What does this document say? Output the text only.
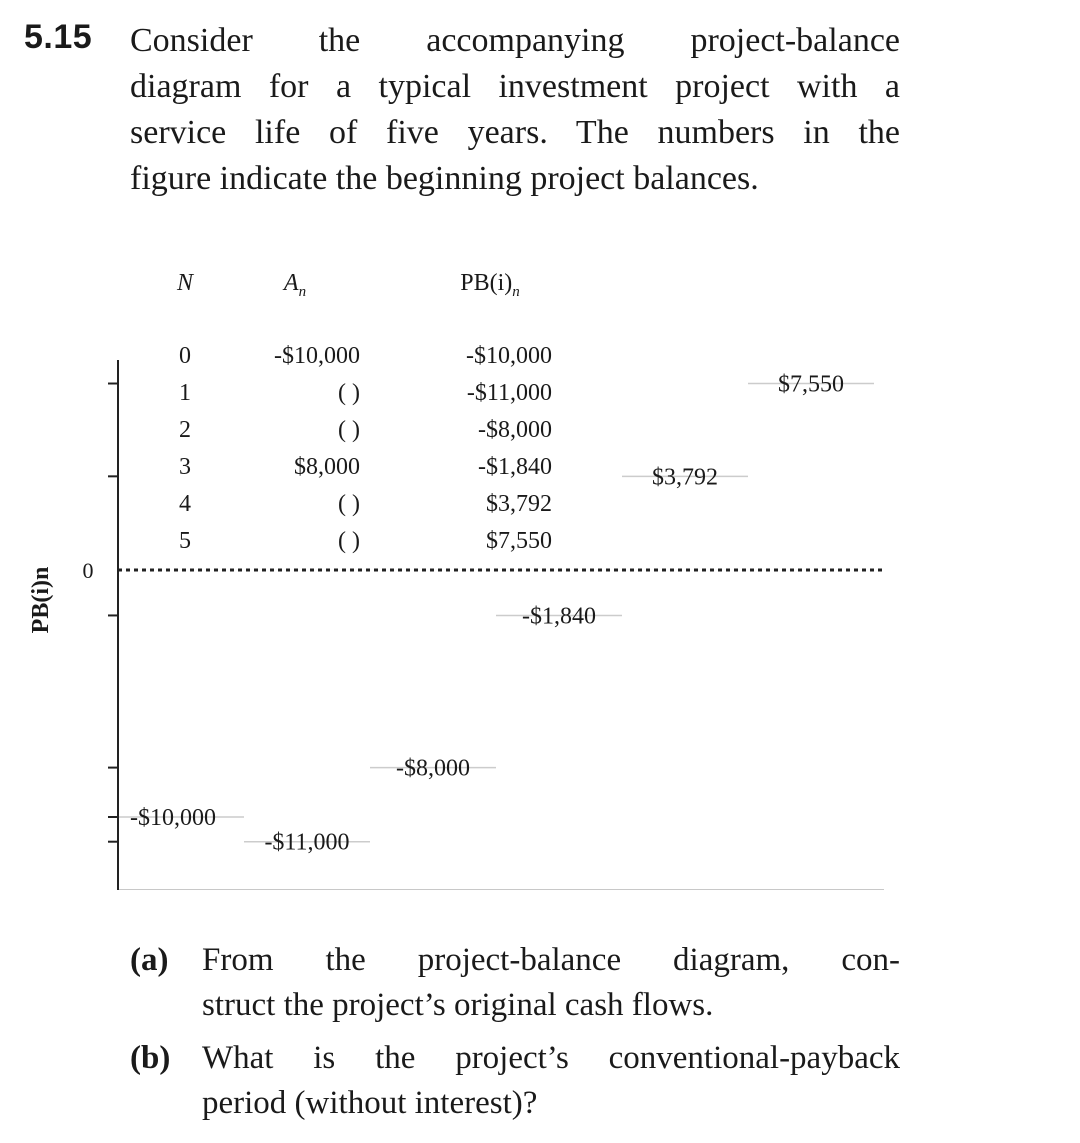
5.15 Consider the accompanying project-balance
diagram for a typical investment project with a
service life of five years. The numbers in the
figure indicate the beginning project balances.

N	$A_n$	$PB(i)_n$
0	-$10,000	-$10,000
1	( )	-$11,000
2	( )	-$8,000
3	$8,000	-$1,840
4	( )	$3,792
5	( )	$7,550
0
PB(i)n
-$10,000
-$11,000
-$8,000
-$1,840
$3,792
$7,550
(a) From the project-balance diagram, con-
struct the project’s original cash flows.
(b) What is the project’s conventional-payback
period (without interest)?
